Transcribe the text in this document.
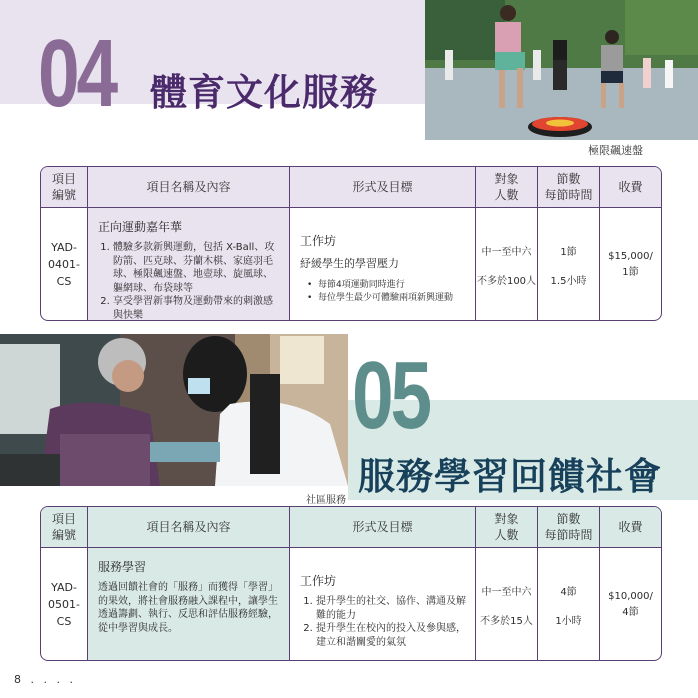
04 體育文化服務
極限飆速盤
項目
編號
項目名稱及內容	形式及目標
對象
人數
節數
每節時間
收費
YAD-
0401-
CS
正向運動嘉年華
1. 體驗多款新興運動，包括 X-Ball、攻防箭、匹克球、芬蘭木棋、家庭羽毛球、極限飆速盤、地壺球、旋風球、軀網球、布袋球等
2. 享受學習新事物及運動帶來的刺激感與快樂
工作坊
紓緩學生的學習壓力
• 每節4項運動同時進行
• 每位學生最少可體驗兩項新興運動
中一至中六
不多於100人
1節
1.5小時
$15,000/
1節
社區服務
05
服務學習回饋社會
項目
編號
項目名稱及內容	形式及目標
對象
人數
節數
每節時間
收費
YAD-
0501-
CS
服務學習
透過回饋社會的「服務」而獲得「學習」的果效，將社會服務融入課程中，讓學生透過籌劃、執行、反思和評估服務經驗，從中學習與成長。
工作坊
1. 提升學生的社交、協作、溝通及解難的能力
2. 提升學生在校內的投入及參與感，建立和諧關愛的氣氛
中一至中六
不多於15人
4節
1小時
$10,000/
4節
8 . . . .
